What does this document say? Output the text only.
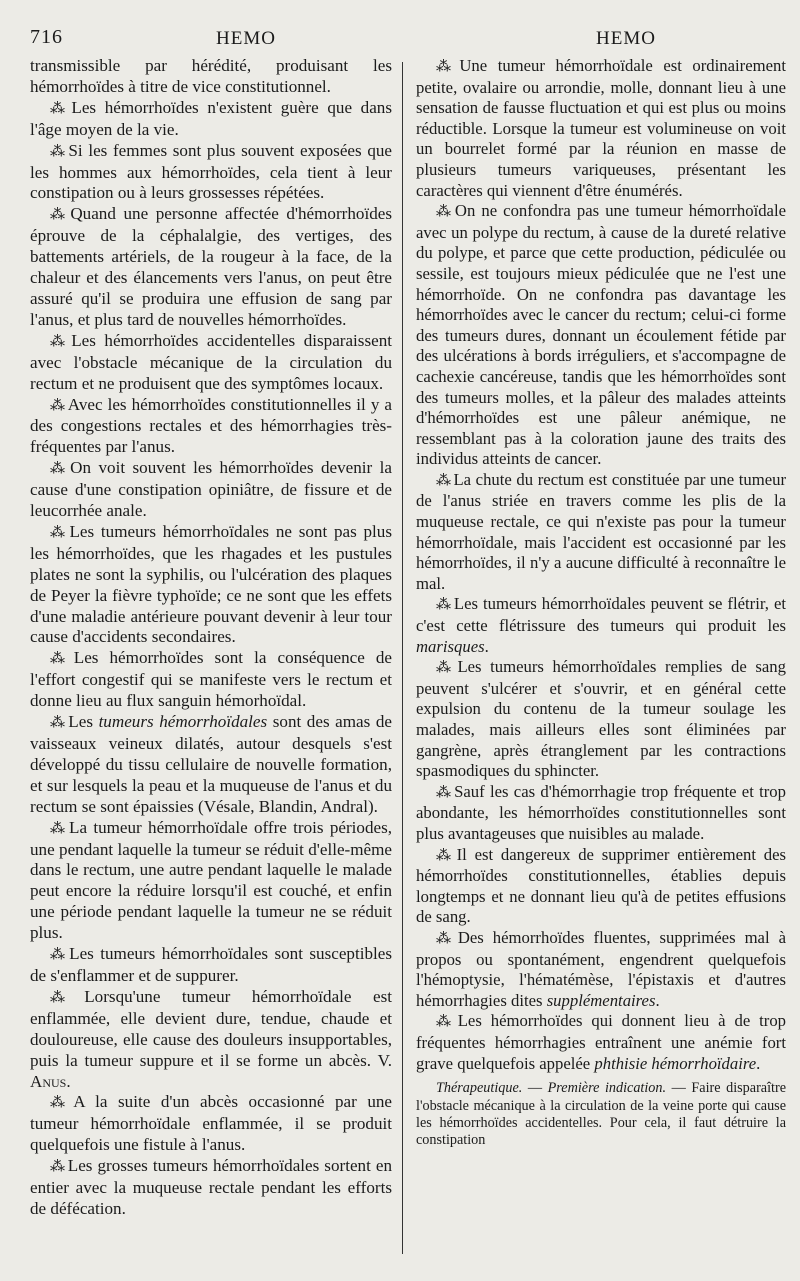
716	HEMO	HEMO

transmissible par hérédité, produisant les hémorrhoïdes à titre de vice constitutionnel.

⁂ Les hémorrhoïdes n'existent guère que dans l'âge moyen de la vie.

⁂ Si les femmes sont plus souvent exposées que les hommes aux hémorrhoïdes, cela tient à leur constipation ou à leurs grossesses répétées.

⁂ Quand une personne affectée d'hémorrhoïdes éprouve de la céphalalgie, des vertiges, des battements artériels, de la rougeur à la face, de la chaleur et des élancements vers l'anus, on peut être assuré qu'il se produira une effusion de sang par l'anus, et plus tard de nouvelles hémorrhoïdes.

⁂ Les hémorrhoïdes accidentelles disparaissent avec l'obstacle mécanique de la circulation du rectum et ne produisent que des symptômes locaux.

⁂ Avec les hémorrhoïdes constitutionnelles il y a des congestions rectales et des hémorrhagies très-fréquentes par l'anus.

⁂ On voit souvent les hémorrhoïdes devenir la cause d'une constipation opiniâtre, de fissure et de leucorrhée anale.

⁂ Les tumeurs hémorrhoïdales ne sont pas plus les hémorrhoïdes, que les rhagades et les pustules plates ne sont la syphilis, ou l'ulcération des plaques de Peyer la fièvre typhoïde; ce ne sont que les effets d'une maladie antérieure pouvant devenir à leur tour cause d'accidents secondaires.

⁂ Les hémorrhoïdes sont la conséquence de l'effort congestif qui se manifeste vers le rectum et donne lieu au flux sanguin hémorhoïdal.

⁂ Les tumeurs hémorrhoïdales sont des amas de vaisseaux veineux dilatés, autour desquels s'est développé du tissu cellulaire de nouvelle formation, et sur lesquels la peau et la muqueuse de l'anus et du rectum se sont épaissies (Vésale, Blandin, Andral).

⁂ La tumeur hémorrhoïdale offre trois périodes, une pendant laquelle la tumeur se réduit d'elle-même dans le rectum, une autre pendant laquelle le malade peut encore la réduire lorsqu'il est couché, et enfin une période pendant laquelle la tumeur ne se réduit plus.

⁂ Les tumeurs hémorrhoïdales sont susceptibles de s'enflammer et de suppurer.

⁂ Lorsqu'une tumeur hémorrhoïdale est enflammée, elle devient dure, tendue, chaude et douloureuse, elle cause des douleurs insupportables, puis la tumeur suppure et il se forme un abcès. V. Anus.

⁂ A la suite d'un abcès occasionné par une tumeur hémorrhoïdale enflammée, il se produit quelquefois une fistule à l'anus.

⁂ Les grosses tumeurs hémorrhoïdales sortent en entier avec la muqueuse rectale pendant les efforts de défécation.

⁂ Une tumeur hémorrhoïdale est ordinairement petite, ovalaire ou arrondie, molle, donnant lieu à une sensation de fausse fluctuation et qui est plus ou moins réductible. Lorsque la tumeur est volumineuse on voit un bourrelet formé par la réunion en masse de plusieurs tumeurs variqueuses, présentant les caractères qui viennent d'être énumérés.

⁂ On ne confondra pas une tumeur hémorrhoïdale avec un polype du rectum, à cause de la dureté relative du polype, et parce que cette production, pédiculée ou sessile, est toujours mieux pédiculée que ne l'est une hémorrhoïde. On ne confondra pas davantage les hémorrhoïdes avec le cancer du rectum; celui-ci forme des tumeurs dures, donnant un écoulement fétide par des ulcérations à bords irréguliers, et s'accompagne de cachexie cancéreuse, tandis que les hémorrhoïdes sont des tumeurs molles, et la pâleur des malades atteints d'hémorrhoïdes est une pâleur anémique, ne ressemblant pas à la coloration jaune des traits des individus atteints de cancer.

⁂ La chute du rectum est constituée par une tumeur de l'anus striée en travers comme les plis de la muqueuse rectale, ce qui n'existe pas pour la tumeur hémorrhoïdale, mais l'accident est occasionné par les hémorrhoïdes, il n'y a aucune difficulté à reconnaître le mal.

⁂ Les tumeurs hémorrhoïdales peuvent se flétrir, et c'est cette flétrissure des tumeurs qui produit les marisques.

⁂ Les tumeurs hémorrhoïdales remplies de sang peuvent s'ulcérer et s'ouvrir, et en général cette expulsion du contenu de la tumeur soulage les malades, mais ailleurs elles sont éliminées par gangrène, après étranglement par les contractions spasmodiques du sphincter.

⁂ Sauf les cas d'hémorrhagie trop fréquente et trop abondante, les hémorrhoïdes constitutionnelles sont plus avantageuses que nuisibles au malade.

⁂ Il est dangereux de supprimer entièrement des hémorrhoïdes constitutionnelles, établies depuis longtemps et ne donnant lieu qu'à de petites effusions de sang.

⁂ Des hémorrhoïdes fluentes, supprimées mal à propos ou spontanément, engendrent quelquefois l'hémoptysie, l'hématémèse, l'épistaxis et d'autres hémorrhagies dites supplémentaires.

⁂ Les hémorrhoïdes qui donnent lieu à de trop fréquentes hémorrhagies entraînent une anémie fort grave quelquefois appelée phthisie hémorrhoïdaire.

Thérapeutique. — Première indication. — Faire disparaître l'obstacle mécanique à la circulation de la veine porte qui cause les hémorrhoïdes accidentelles. Pour cela, il faut détruire la constipation
